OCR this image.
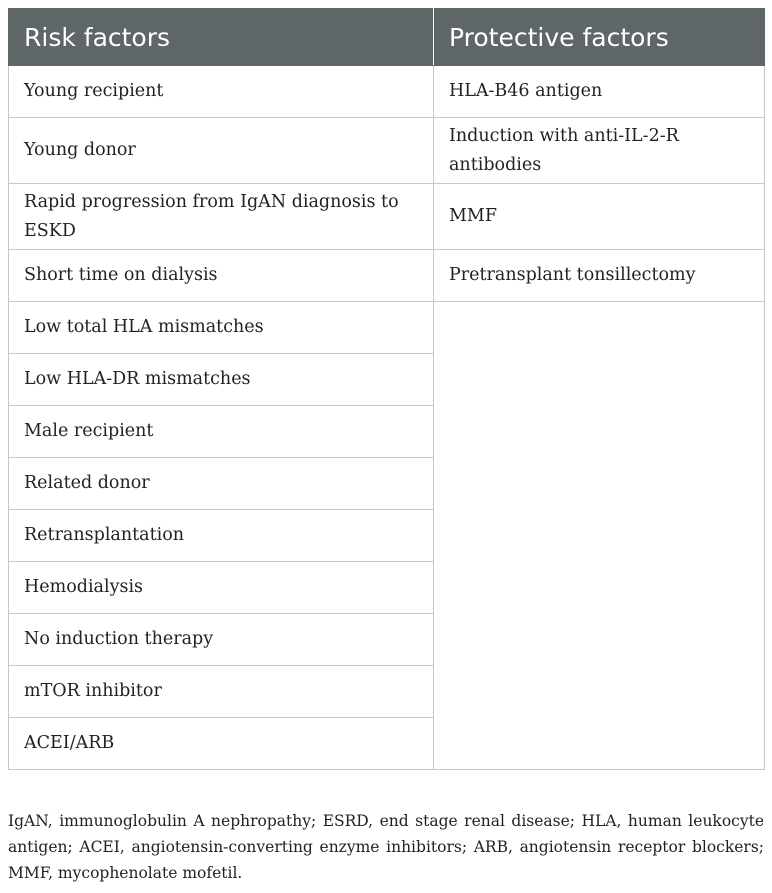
Risk factors	Protective factors
Young recipient	HLA-B46 antigen
Young donor	Induction with anti-IL-2-R antibodies
Rapid progression from IgAN diagnosis to ESKD	MMF
Short time on dialysis	Pretransplant tonsillectomy
Low total HLA mismatches	
Low HLA-DR mismatches	
Male recipient	
Related donor	
Retransplantation	
Hemodialysis	
No induction therapy	
mTOR inhibitor	
ACEI/ARB	
IgAN, immunoglobulin A nephropathy; ESRD, end stage renal disease; HLA, human leukocyte antigen; ACEI, angiotensin-converting enzyme inhibitors; ARB, angiotensin receptor blockers; MMF, mycophenolate mofetil.
